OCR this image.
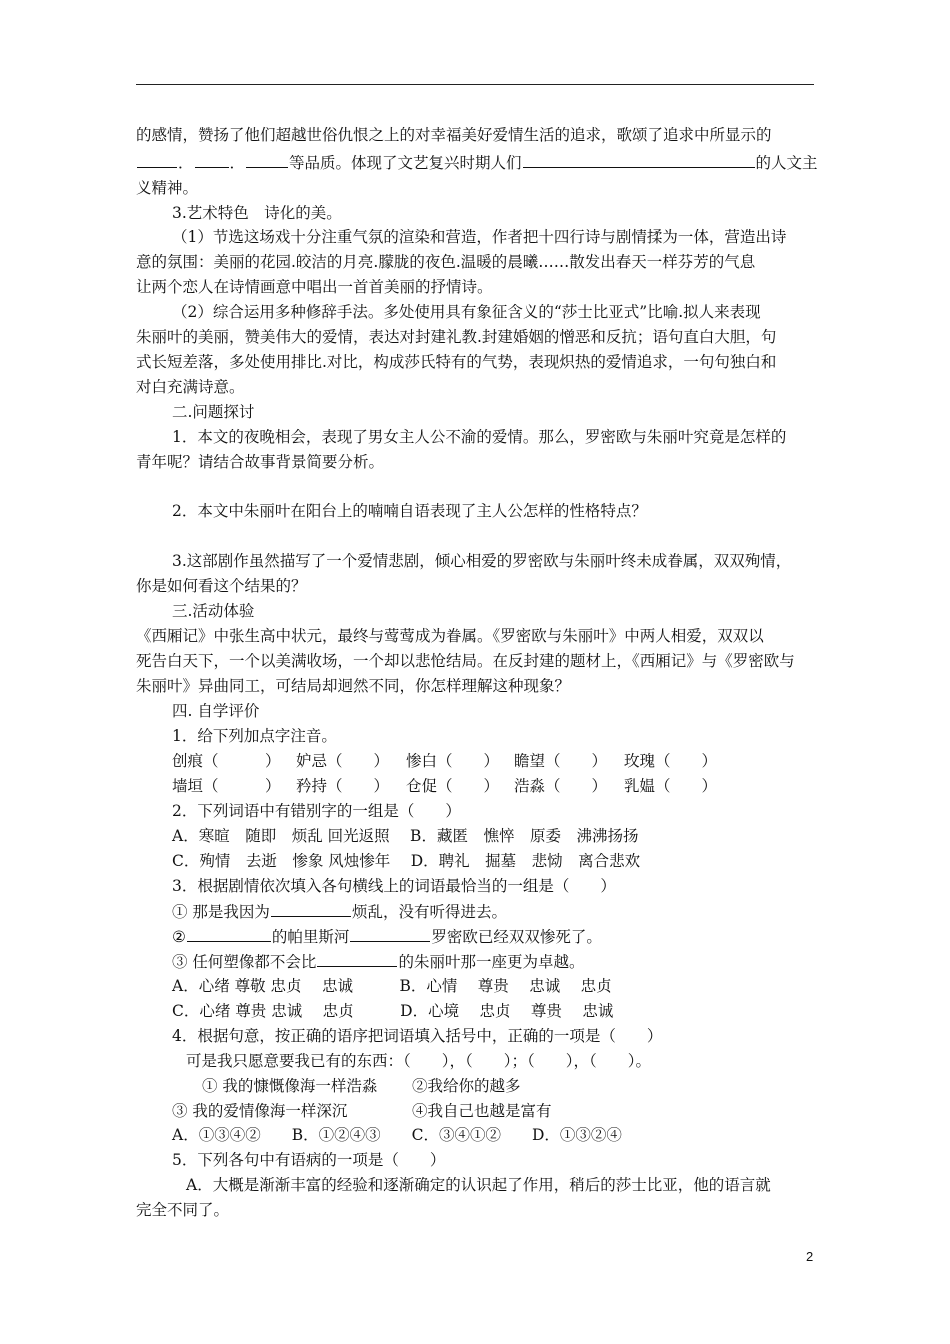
的感情，赞扬了他们超越世俗仇恨之上的对幸福美好爱情生活的追求，歌颂了追求中所显示的
． ．	等品质。体现了文艺复兴时期人们	的人文主
义精神。
3.艺术特色　诗化的美。
（1）节选这场戏十分注重气氛的渲染和营造，作者把十四行诗与剧情揉为一体，营造出诗
意的氛围：美丽的花园.皎洁的月亮.朦胧的夜色.温暖的晨曦……散发出春天一样芬芳的气息
让两个恋人在诗情画意中唱出一首首美丽的抒情诗。
（2）综合运用多种修辞手法。多处使用具有象征含义的“莎士比亚式”比喻.拟人来表现
朱丽叶的美丽，赞美伟大的爱情，表达对封建礼教.封建婚姻的憎恶和反抗；语句直白大胆，句
式长短差落，多处使用排比.对比，构成莎氏特有的气势，表现炽热的爱情追求，一句句独白和
对白充满诗意。
二.问题探讨
1．本文的夜晚相会，表现了男女主人公不渝的爱情。那么，罗密欧与朱丽叶究竟是怎样的
青年呢？请结合故事背景简要分析。
2．本文中朱丽叶在阳台上的喃喃自语表现了主人公怎样的性格特点？
3.这部剧作虽然描写了一个爱情悲剧，倾心相爱的罗密欧与朱丽叶终未成眷属，双双殉情，
你是如何看这个结果的？
三.活动体验
《西厢记》中张生高中状元，最终与莺莺成为眷属。《罗密欧与朱丽叶》中两人相爱，双双以
死告白天下，一个以美满收场，一个却以悲怆结局。在反封建的题材上，《西厢记》与《罗密欧与
朱丽叶》异曲同工，可结局却迥然不同，你怎样理解这种现象？
四. 自学评价
1．给下列加点字注音。
创痕（　　　） 妒忌（　　） 惨白（　　） 瞻望（　　） 玫瑰（　　）
墙垣（　　　） 矜持（　　） 仓促（　　） 浩淼（　　） 乳媪（　　）
2．下列词语中有错别字的一组是（　　）
A．寒暄　随即　烦乱 回光返照　 B．藏匿　憔悴　原委　沸沸扬扬
C．殉情　去逝　惨象 风烛惨年　 D．聘礼　掘墓　悲恸　离合悲欢
3．根据剧情依次填入各句横线上的词语最恰当的一组是（　　）
① 那是我因为	烦乱，没有听得进去。
②	的帕里斯河	罗密欧已经双双惨死了。
③ 任何塑像都不会比	的朱丽叶那一座更为卓越。
A．心绪 尊敬 忠贞　 忠诚　　　B．心情　 尊贵　 忠诚　 忠贞
C．心绪 尊贵 忠诚　 忠贞　　　D．心境　 忠贞　 尊贵　 忠诚
4．根据句意，按正确的语序把词语填入括号中，正确的一项是（　　）
可是我只愿意要我已有的东西：（　　），（　　）；（　　），（　　）。
① 我的慷慨像海一样浩淼 ②我给你的越多
③ 我的爱情像海一样深沉	④我自己也越是富有
A．①③④②　　B．①②④③　　C．③④①②　　D．①③②④
5．下列各句中有语病的一项是（　　）
A．大概是渐渐丰富的经验和逐渐确定的认识起了作用，稍后的莎士比亚，他的语言就
完全不同了。
2
